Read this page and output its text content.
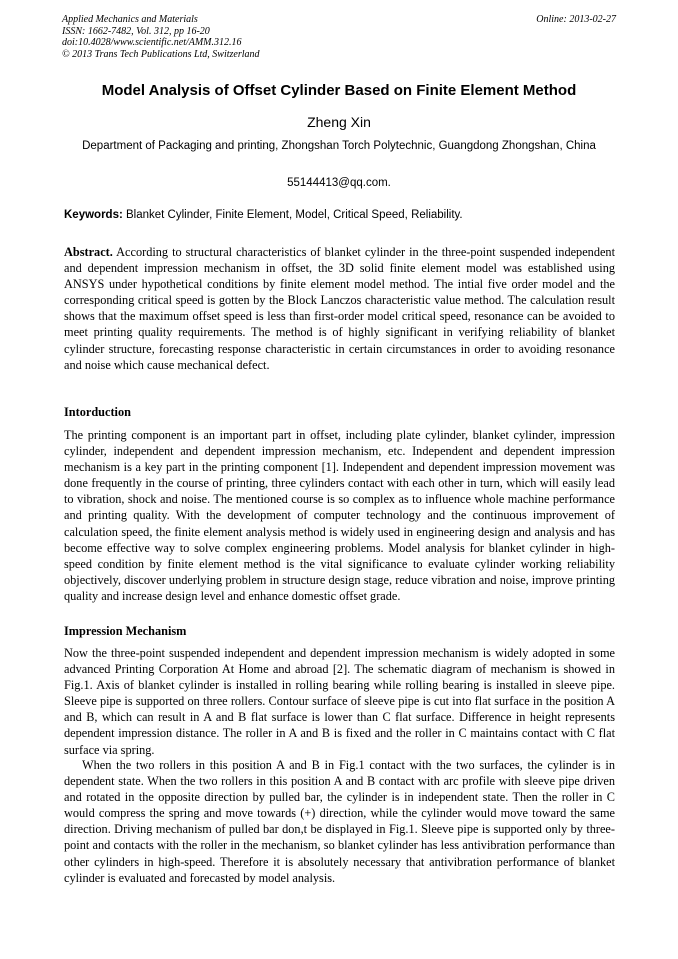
Applied Mechanics and Materials
ISSN: 1662-7482, Vol. 312, pp 16-20
doi:10.4028/www.scientific.net/AMM.312.16
© 2013 Trans Tech Publications Ltd, Switzerland
Online: 2013-02-27
Model Analysis of Offset Cylinder Based on Finite Element Method
Zheng Xin
Department of Packaging and printing, Zhongshan Torch Polytechnic, Guangdong Zhongshan, China
55144413@qq.com.
Keywords: Blanket Cylinder, Finite Element, Model, Critical Speed, Reliability.
Abstract. According to structural characteristics of blanket cylinder in the three-point suspended independent and dependent impression mechanism in offset, the 3D solid finite element model was established using ANSYS under hypothetical conditions by finite element model method. The intial five order model and the corresponding critical speed is gotten by the Block Lanczos characteristic value method. The calculation result shows that the maximum offset speed is less than first-order model critical speed, resonance can be avoided to meet printing quality requirements. The method is of highly significant in verifying reliability of blanket cylinder structure, forecasting response characteristic in certain circumstances in order to avoiding resonance and noise which cause mechanical defect.
Intorduction
The printing component is an important part in offset, including plate cylinder, blanket cylinder, impression cylinder, independent and dependent impression mechanism, etc. Independent and dependent impression mechanism is a key part in the printing component [1]. Independent and dependent impression movement was done frequently in the course of printing, three cylinders contact with each other in turn, which will easily lead to vibration, shock and noise. The mentioned course is so complex as to influence whole machine performance and printing quality. With the development of computer technology and the continuous improvement of calculation speed, the finite element analysis method is widely used in engineering design and analysis and has become effective way to solve complex engineering problems. Model analysis for blanket cylinder in high-speed condition by finite element method is the vital significance to evaluate cylinder working reliability objectively, discover underlying problem in structure design stage, reduce vibration and noise, improve printing quality and increase design level and enhance domestic offset grade.
Impression Mechanism
Now the three-point suspended independent and dependent impression mechanism is widely adopted in some advanced Printing Corporation At Home and abroad [2]. The schematic diagram of mechanism is showed in Fig.1. Axis of blanket cylinder is installed in rolling bearing while rolling bearing is installed in sleeve pipe. Sleeve pipe is supported on three rollers. Contour surface of sleeve pipe is cut into flat surface in the position A and B, which can result in A and B flat surface is lower than C flat surface. Difference in height represents dependent impression distance. The roller in A and B is fixed and the roller in C maintains contact with C flat surface via spring.
When the two rollers in this position A and B in Fig.1 contact with the two surfaces, the cylinder is in dependent state. When the two rollers in this position A and B contact with arc profile with sleeve pipe driven and rotated in the opposite direction by pulled bar, the cylinder is in independent state. Then the roller in C would compress the spring and move towards (+) direction, while the cylinder would move toward the same direction. Driving mechanism of pulled bar don,t be displayed in Fig.1. Sleeve pipe is supported only by three-point and contacts with the roller in the mechanism, so blanket cylinder has less antivibration performance than other cylinders in high-speed. Therefore it is absolutely necessary that antivibration performance of blanket cylinder is evaluated and forecasted by model analysis.
